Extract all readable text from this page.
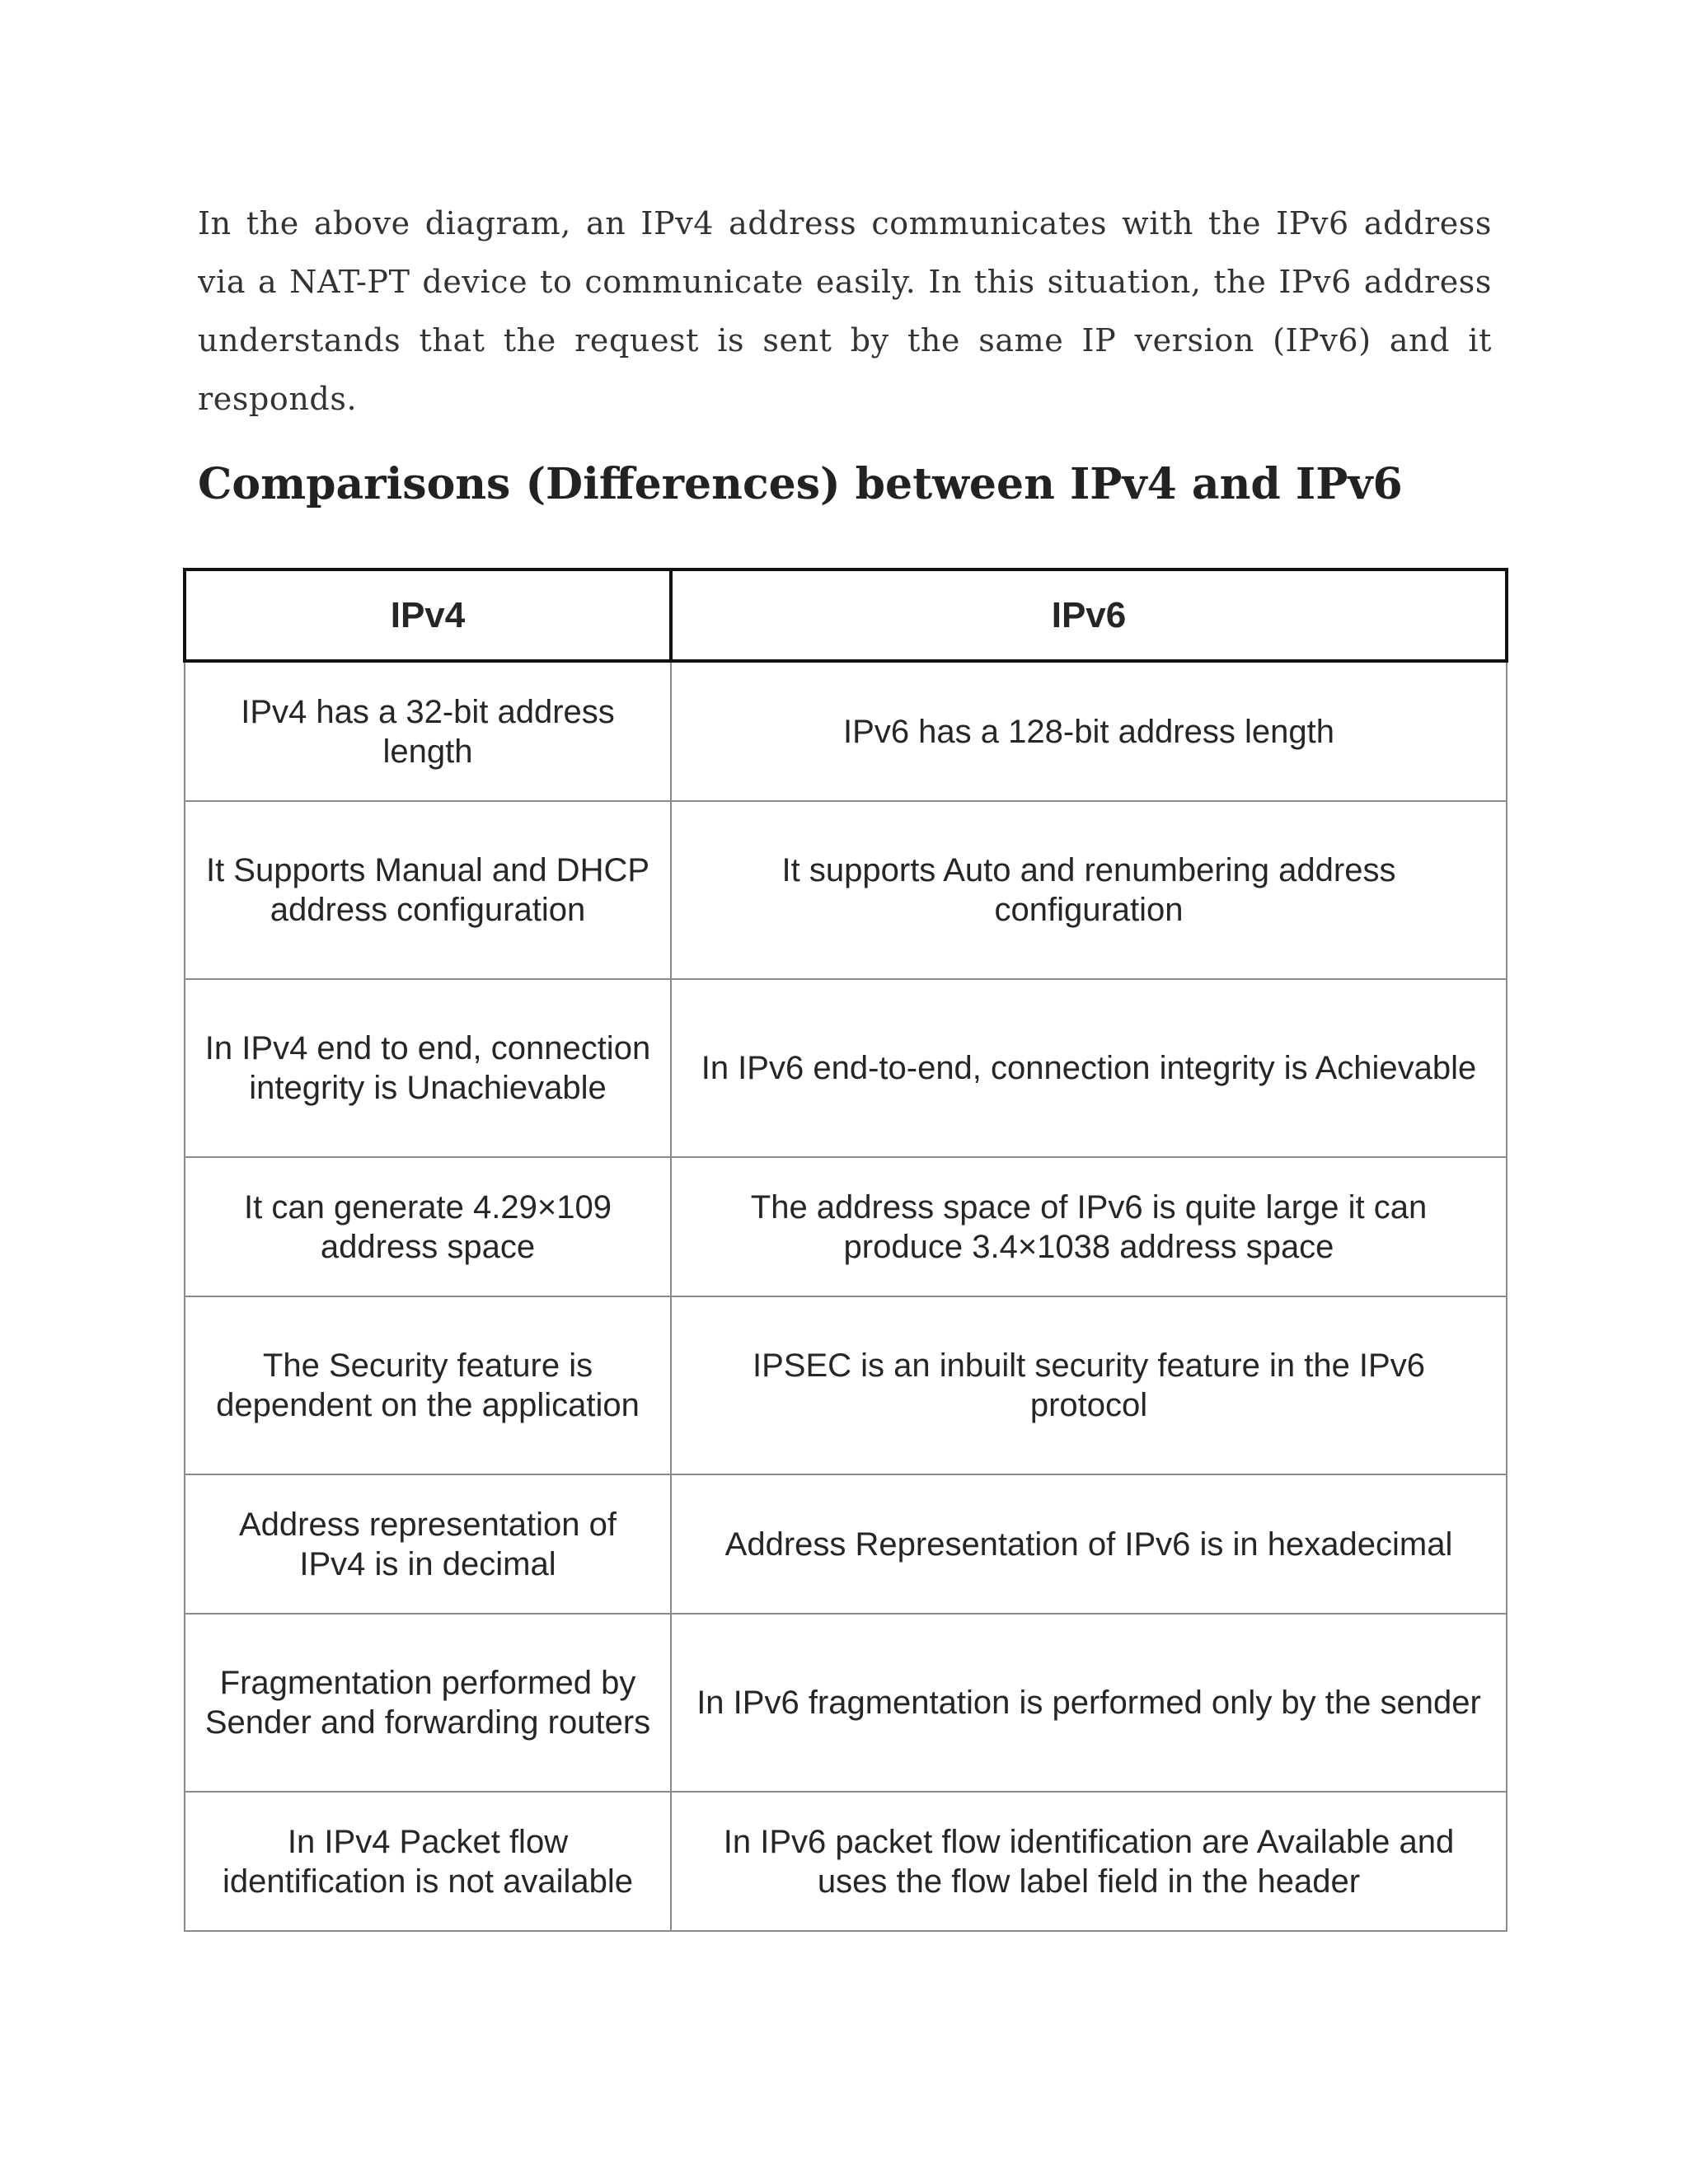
In the above diagram, an IPv4 address communicates with the IPv6 address via a NAT-PT device to communicate easily. In this situation, the IPv6 address understands that the request is sent by the same IP version (IPv6) and it responds.

Comparisons (Differences) between IPv4 and IPv6
IPv4	IPv6
IPv4 has a 32-bit address length	IPv6 has a 128-bit address length
It Supports Manual and DHCP address configuration	It supports Auto and renumbering address configuration
In IPv4 end to end, connection integrity is Unachievable	In IPv6 end-to-end, connection integrity is Achievable
It can generate 4.29×109 address space	The address space of IPv6 is quite large it can produce 3.4×1038 address space
The Security feature is dependent on the application	IPSEC is an inbuilt security feature in the IPv6 protocol
Address representation of IPv4 is in decimal	Address Representation of IPv6 is in hexadecimal
Fragmentation performed by Sender and forwarding routers	In IPv6 fragmentation is performed only by the sender
In IPv4 Packet flow identification is not available	In IPv6 packet flow identification are Available and uses the flow label field in the header
